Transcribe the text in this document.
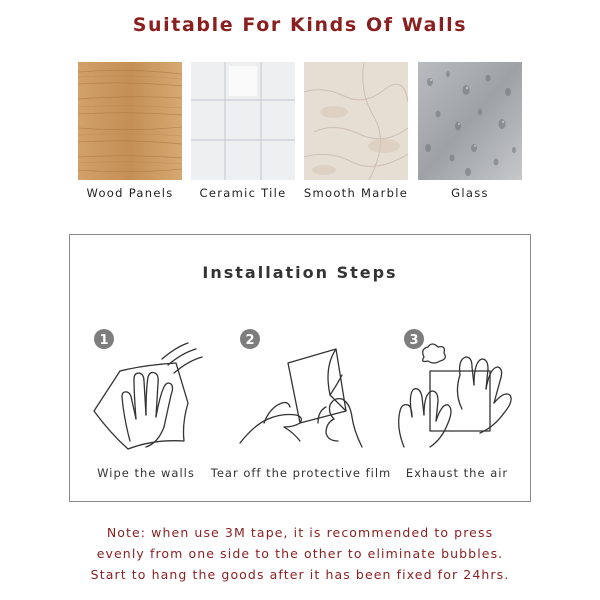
Suitable For Kinds Of Walls
Wood Panels	Ceramic Tile	Smooth Marble	Glass
Installation Steps
1
Wipe the walls
2
Tear off the protective film
3
Exhaust the air
Note: when use 3M tape, it is recommended to press
evenly from one side to the other to eliminate bubbles.
Start to hang the goods after it has been fixed for 24hrs.
